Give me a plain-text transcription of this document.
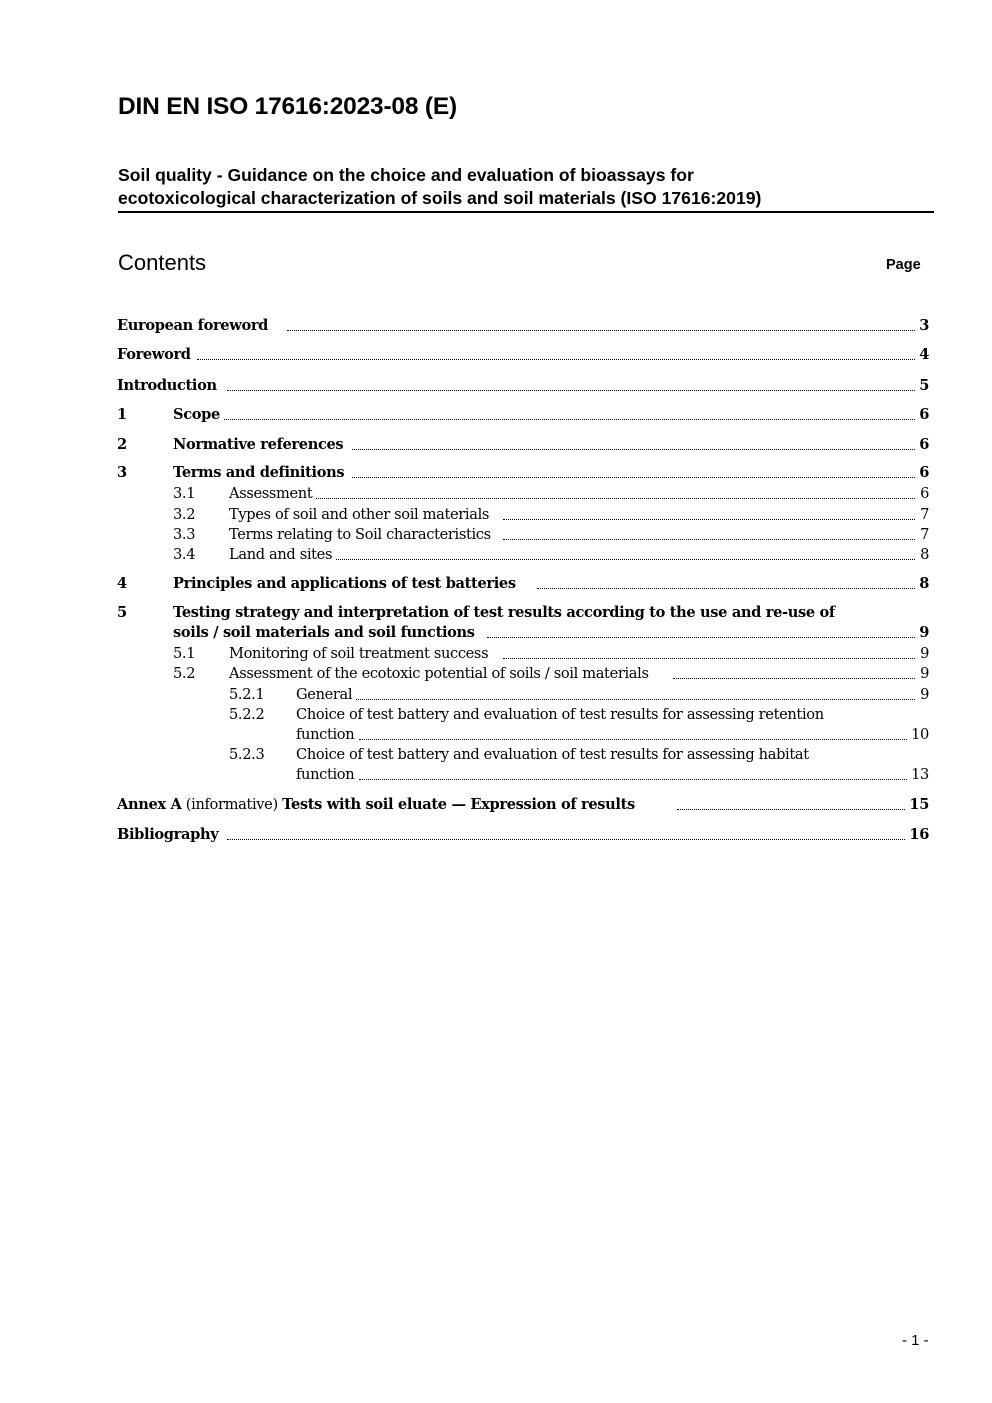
DIN EN ISO 17616:2023-08 (E)
Soil quality - Guidance on the choice and evaluation of bioassays for
ecotoxicological characterization of soils and soil materials (ISO 17616:2019)
Contents	Page
European foreword	3
Foreword	4
Introduction	5
1	Scope	6
2	Normative references	6
3	Terms and definitions	6
3.1 Assessment	6
3.2 Types of soil and other soil materials	7
3.3 Terms relating to Soil characteristics	7
3.4 Land and sites	8
4	Principles and applications of test batteries	8
5	Testing strategy and interpretation of test results according to the use and re-use of
soils / soil materials and soil functions	9
5.1 Monitoring of soil treatment success	9
5.2 Assessment of the ecotoxic potential of soils / soil materials	9
5.2.1 General	9
5.2.2 Choice of test battery and evaluation of test results for assessing retention
function	10
5.2.3 Choice of test battery and evaluation of test results for assessing habitat
function	13
Annex A (informative) Tests with soil eluate — Expression of results	15
Bibliography	16
- 1 -
